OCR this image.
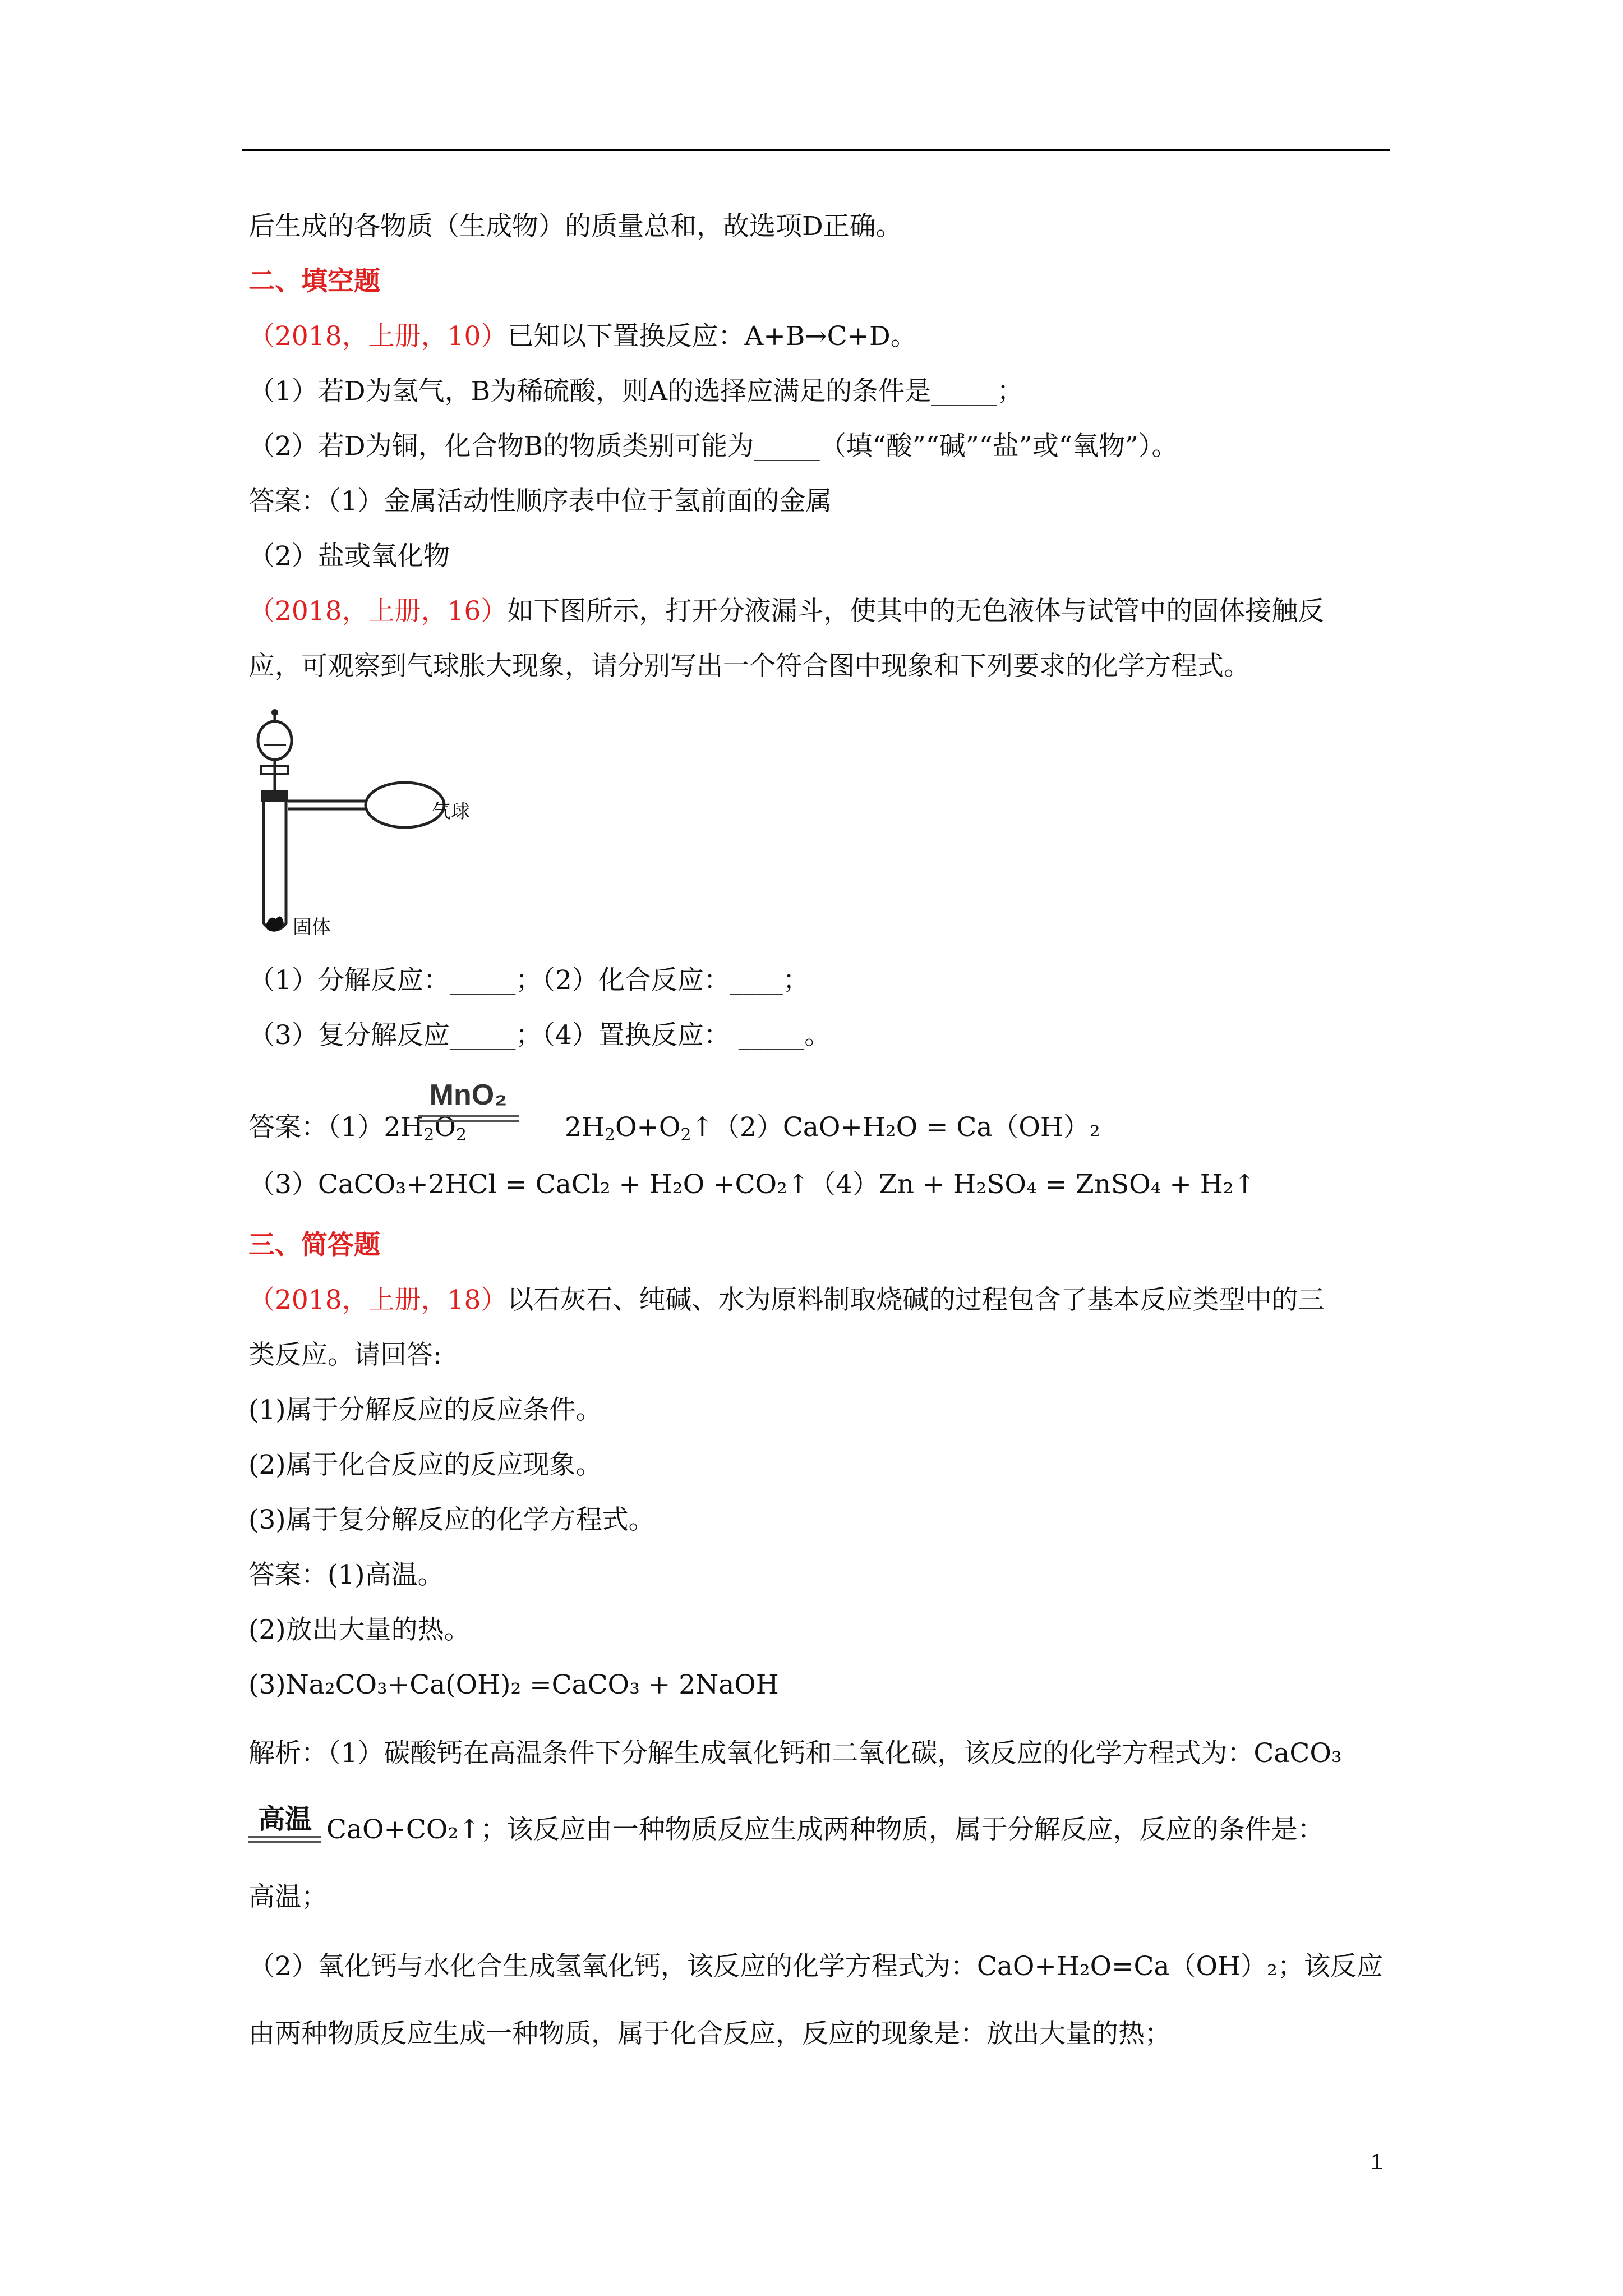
后生成的各物质（生成物）的质量总和，故选项D正确。
二、填空题
（2018，上册，10）已知以下置换反应：A+B→C+D。
（1）若D为氢气，B为稀硫酸，则A的选择应满足的条件是_____；
（2）若D为铜，化合物B的物质类别可能为_____（填“酸”“碱”“盐”或“氧物”）。
答案：（1）金属活动性顺序表中位于氢前面的金属
（2）盐或氧化物
（2018，上册，16）如下图所示，打开分液漏斗，使其中的无色液体与试管中的固体接触反
应，可观察到气球胀大现象，请分别写出一个符合图中现象和下列要求的化学方程式。
气球
固体
（1）分解反应：_____；（2）化合反应：____；
（3）复分解反应_____；（4）置换反应： _____。
答案：$(1)2H_2O_2$	$2H_2O+O_2↑(2)CaO+H_2O = Ca(OH)_2$
MnO₂
（3）CaCO₃+2HCl = CaCl₂ + H₂O +CO₂↑（4）Zn + H₂SO₄ = ZnSO₄ + H₂↑
三、简答题
（2018，上册，18）以石灰石、纯碱、水为原料制取烧碱的过程包含了基本反应类型中的三
类反应。请回答:
(1)属于分解反应的反应条件。
(2)属于化合反应的反应现象。
(3)属于复分解反应的化学方程式。
答案：(1)高温。
(2)放出大量的热。
(3)Na₂CO₃+Ca(OH)₂ =CaCO₃ + 2NaOH
解析：（1）碳酸钙在高温条件下分解生成氧化钙和二氧化碳，该反应的化学方程式为：CaCO₃
高温 CaO+CO₂↑；该反应由一种物质反应生成两种物质，属于分解反应，反应的条件是：
高温；
（2）氧化钙与水化合生成氢氧化钙，该反应的化学方程式为：CaO+H₂O=Ca（OH）₂；该反应
由两种物质反应生成一种物质，属于化合反应，反应的现象是：放出大量的热；
1
